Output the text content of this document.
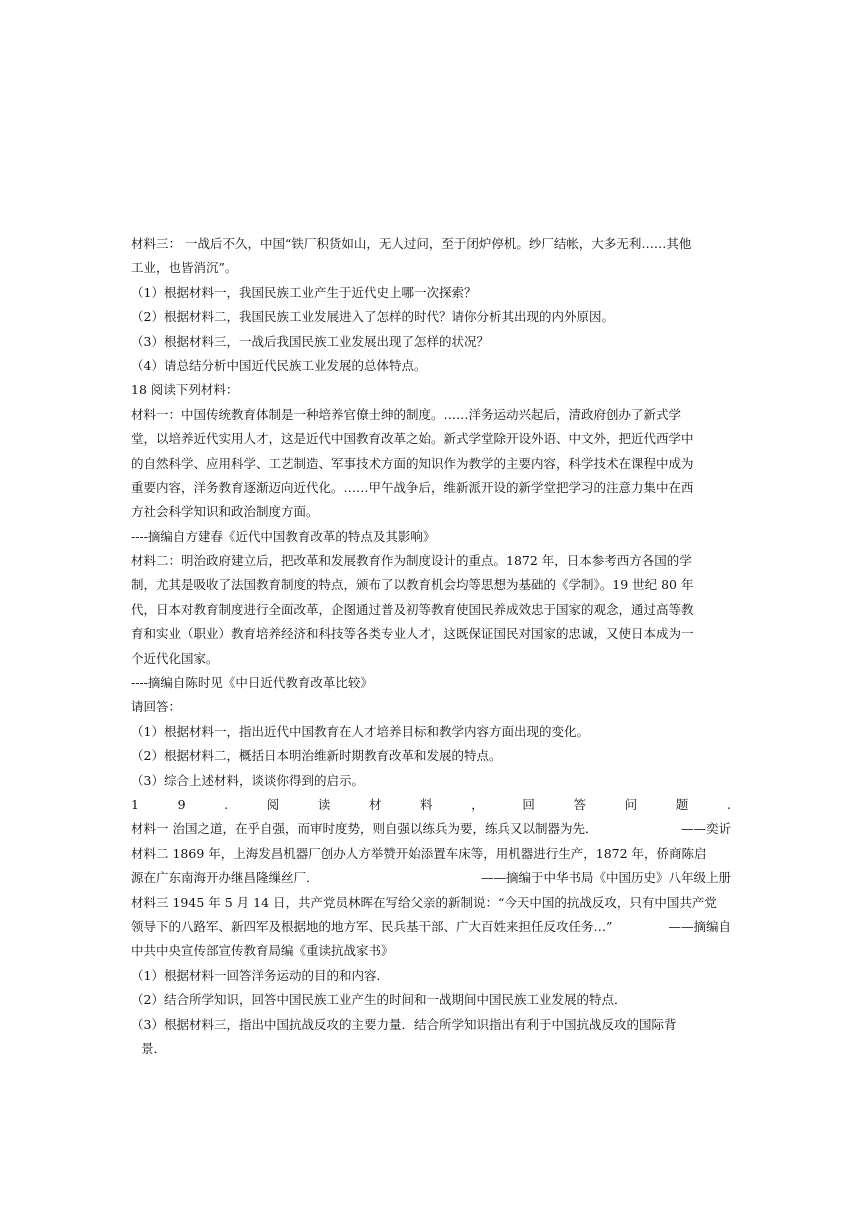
材料三： 一战后不久，中国“铁厂积货如山，无人过问，至于闭炉停机。纱厂结帐，大多无利……其他
工业，也皆消沉”。
（1）根据材料一，我国民族工业产生于近代史上哪一次探索？
（2）根据材料二，我国民族工业发展进入了怎样的时代？请你分析其出现的内外原因。
（3）根据材料三，一战后我国民族工业发展出现了怎样的状况？
（4）请总结分析中国近代民族工业发展的总体特点。
18 阅读下列材料：
材料一：中国传统教育体制是一种培养官僚士绅的制度。……洋务运动兴起后，清政府创办了新式学
堂，以培养近代实用人才，这是近代中国教育改革之始。新式学堂除开设外语、中文外，把近代西学中
的自然科学、应用科学、工艺制造、军事技术方面的知识作为教学的主要内容，科学技术在课程中成为
重要内容，洋务教育逐渐迈向近代化。……甲午战争后，维新派开设的新学堂把学习的注意力集中在西
方社会科学知识和政治制度方面。
----摘编自方建春《近代中国教育改革的特点及其影响》
材料二：明治政府建立后，把改革和发展教育作为制度设计的重点。1872 年，日本参考西方各国的学
制，尤其是吸收了法国教育制度的特点，颁布了以教育机会均等思想为基础的《学制》。19 世纪 80 年
代，日本对教育制度进行全面改革，企图通过普及初等教育使国民养成效忠于国家的观念，通过高等教
育和实业（职业）教育培养经济和科技等各类专业人才，这既保证国民对国家的忠诚，又使日本成为一
个近代化国家。
----摘编自陈时见《中日近代教育改革比较》
请回答：
（1）根据材料一，指出近代中国教育在人才培养目标和教学内容方面出现的变化。
（2）根据材料二，概括日本明治维新时期教育改革和发展的特点。
（3）综合上述材料，谈谈你得到的启示。
1	9	.	阅	读	材	料	，	回	答	问	题	.
材料一 治国之道，在乎自强，而审时度势，则自强以练兵为要，练兵又以制器为先．	——奕䜣
材料二 1869 年，上海发昌机器厂创办人方举赞开始添置车床等，用机器进行生产，1872 年，侨商陈启
源在广东南海开办继昌隆缫丝厂．	——摘编于中华书局《中国历史》八年级上册
材料三 1945 年 5 月 14 日，共产党员林晖在写给父亲的新制说：“今天中国的抗战反攻，只有中国共产党
领导下的八路军、新四军及根据地的地方军、民兵基干部、广大百姓来担任反攻任务…”	——摘编自
中共中央宣传部宣传教育局编《重读抗战家书》
（1）根据材料一回答洋务运动的目的和内容．
（2）结合所学知识，回答中国民族工业产生的时间和一战期间中国民族工业发展的特点．
（3）根据材料三，指出中国抗战反攻的主要力量．结合所学知识指出有利于中国抗战反攻的国际背
景．
